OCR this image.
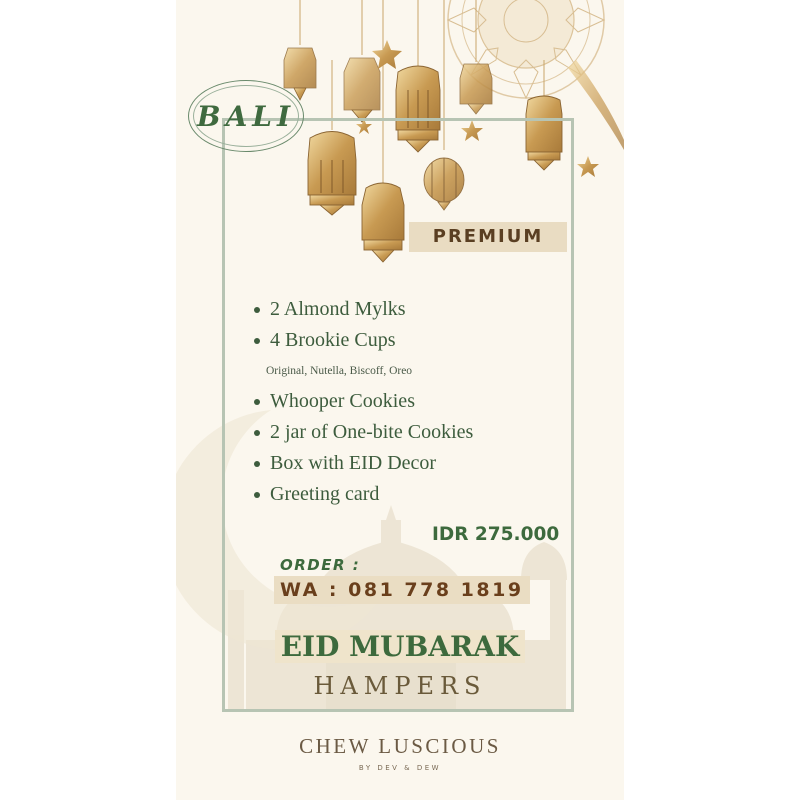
BALI
PREMIUM
2 Almond Mylks
4 Brookie Cups
Original, Nutella, Biscoff, Oreo
Whooper Cookies
2 jar of One-bite Cookies
Box with EID Decor
Greeting card
IDR 275.000
ORDER :
WA : 081 778 1819
EID MUBARAK
HAMPERS
CHEW LUSCIOUS
BY DEV & DEW
